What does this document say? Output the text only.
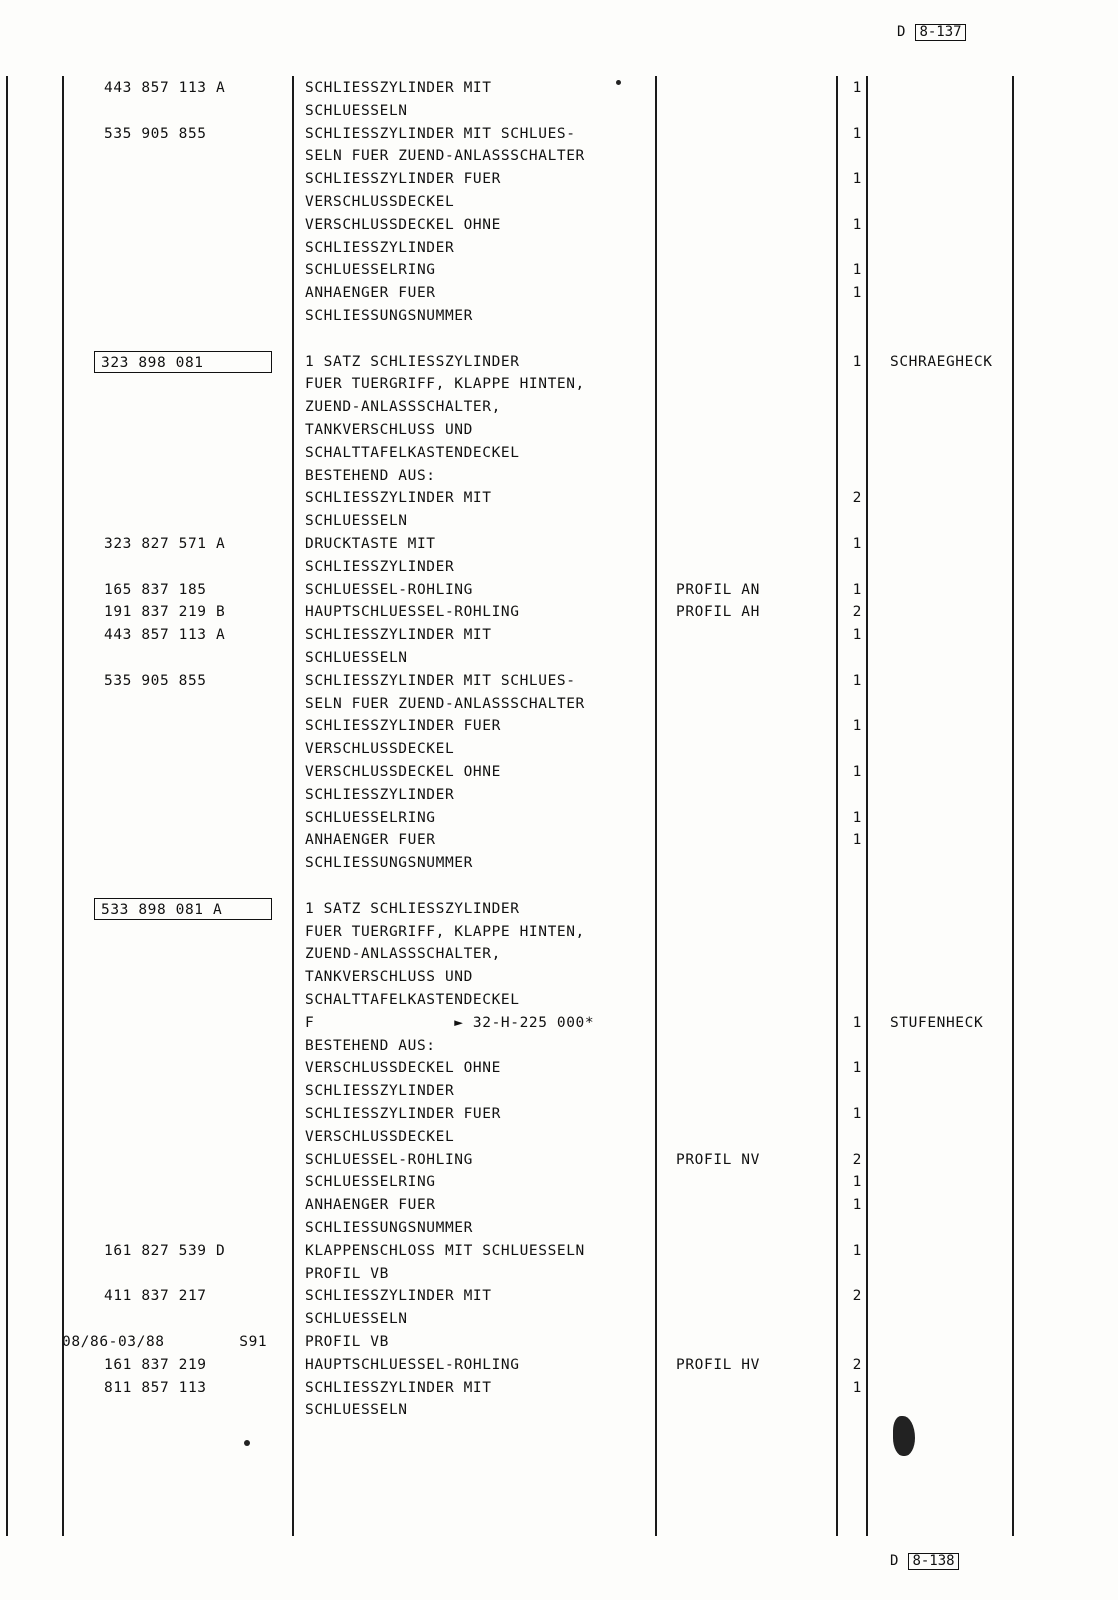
D 8-137
443 857 113 A	SCHLIESSZYLINDER MIT	1
SCHLUESSELN
535 905 855	SCHLIESSZYLINDER MIT SCHLUES-	1
SELN FUER ZUEND-ANLASSSCHALTER
SCHLIESSZYLINDER FUER	1
VERSCHLUSSDECKEL
VERSCHLUSSDECKEL OHNE	1
SCHLIESSZYLINDER
SCHLUESSELRING	1
ANHAENGER FUER	1
SCHLIESSUNGSNUMMER
323 898 081	1 SATZ SCHLIESSZYLINDER	1 SCHRAEGHECK
FUER TUERGRIFF, KLAPPE HINTEN,
ZUEND-ANLASSSCHALTER,
TANKVERSCHLUSS UND
SCHALTTAFELKASTENDECKEL
BESTEHEND AUS:
SCHLIESSZYLINDER MIT	2
SCHLUESSELN
323 827 571 A	DRUCKTASTE MIT	1
SCHLIESSZYLINDER
165 837 185	SCHLUESSEL-ROHLING	PROFIL AN	1
191 837 219 B	HAUPTSCHLUESSEL-ROHLING	PROFIL AH	2
443 857 113 A	SCHLIESSZYLINDER MIT	1
SCHLUESSELN
535 905 855	SCHLIESSZYLINDER MIT SCHLUES-	1
SELN FUER ZUEND-ANLASSSCHALTER
SCHLIESSZYLINDER FUER	1
VERSCHLUSSDECKEL
VERSCHLUSSDECKEL OHNE	1
SCHLIESSZYLINDER
SCHLUESSELRING	1
ANHAENGER FUER	1
SCHLIESSUNGSNUMMER
533 898 081 A	1 SATZ SCHLIESSZYLINDER
FUER TUERGRIFF, KLAPPE HINTEN,
ZUEND-ANLASSSCHALTER,
TANKVERSCHLUSS UND
SCHALTTAFELKASTENDECKEL
F               ► 32-H-225 000*	1 STUFENHECK
BESTEHEND AUS:
VERSCHLUSSDECKEL OHNE	1
SCHLIESSZYLINDER
SCHLIESSZYLINDER FUER	1
VERSCHLUSSDECKEL
SCHLUESSEL-ROHLING	PROFIL NV	2
SCHLUESSELRING	1
ANHAENGER FUER	1
SCHLIESSUNGSNUMMER
161 827 539 D	KLAPPENSCHLOSS MIT SCHLUESSELN	1
PROFIL VB
411 837 217	SCHLIESSZYLINDER MIT	2
SCHLUESSELN
08/86-03/88        S91	PROFIL VB
161 837 219	HAUPTSCHLUESSEL-ROHLING	PROFIL HV	2
811 857 113	SCHLIESSZYLINDER MIT	1
SCHLUESSELN
D 8-138
